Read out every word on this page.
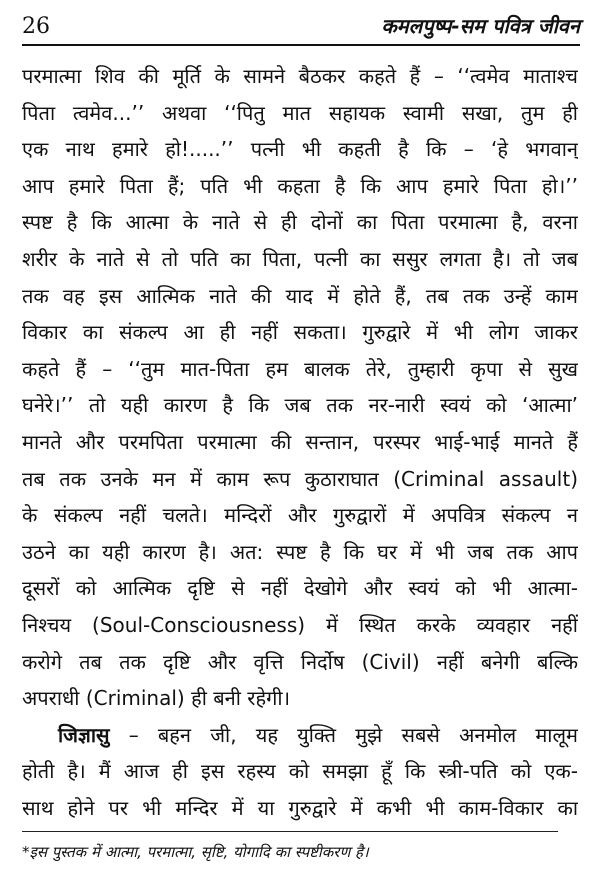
26	कमलपुष्प-सम पवित्र जीवन
परमात्मा शिव की मूर्ति के सामने बैठकर कहते हैं – ‘‘त्वमेव माताश्च
पिता त्वमेव...’’ अथवा ‘‘पितु मात सहायक स्वामी सखा, तुम ही
एक नाथ हमारे हो!.....’’ पत्नी भी कहती है कि – ‘हे भगवान्
आप हमारे पिता हैं; पति भी कहता है कि आप हमारे पिता हो।’’
स्पष्ट है कि आत्मा के नाते से ही दोनों का पिता परमात्मा है, वरना
शरीर के नाते से तो पति का पिता, पत्नी का ससुर लगता है। तो जब
तक वह इस आत्मिक नाते की याद में होते हैं, तब तक उन्हें काम
विकार का संकल्प आ ही नहीं सकता। गुरुद्वारे में भी लोग जाकर
कहते हैं – ‘‘तुम मात-पिता हम बालक तेरे, तुम्हारी कृपा से सुख
घनेरे।’’ तो यही कारण है कि जब तक नर-नारी स्वयं को ‘आत्मा’
मानते और परमपिता परमात्मा की सन्तान, परस्पर भाई-भाई मानते हैं
तब तक उनके मन में काम रूप कुठाराघात (Criminal assault)
के संकल्प नहीं चलते। मन्दिरों और गुरुद्वारों में अपवित्र संकल्प न
उठने का यही कारण है। अत: स्पष्ट है कि घर में भी जब तक आप
दूसरों को आत्मिक दृष्टि से नहीं देखोगे और स्वयं को भी आत्मा-
निश्चय (Soul-Consciousness) में स्थित करके व्यवहार नहीं
करोगे तब तक दृष्टि और वृत्ति निर्दोष (Civil) नहीं बनेगी बल्कि
अपराधी (Criminal) ही बनी रहेगी।
जिज्ञासु – बहन जी, यह युक्ति मुझे सबसे अनमोल मालूम
होती है। मैं आज ही इस रहस्य को समझा हूँ कि स्त्री-पति को एक-
साथ होने पर भी मन्दिर में या गुरुद्वारे में कभी भी काम-विकार का
*इस पुस्तक में आत्मा, परमात्मा, सृष्टि, योगादि का स्पष्टीकरण है।
